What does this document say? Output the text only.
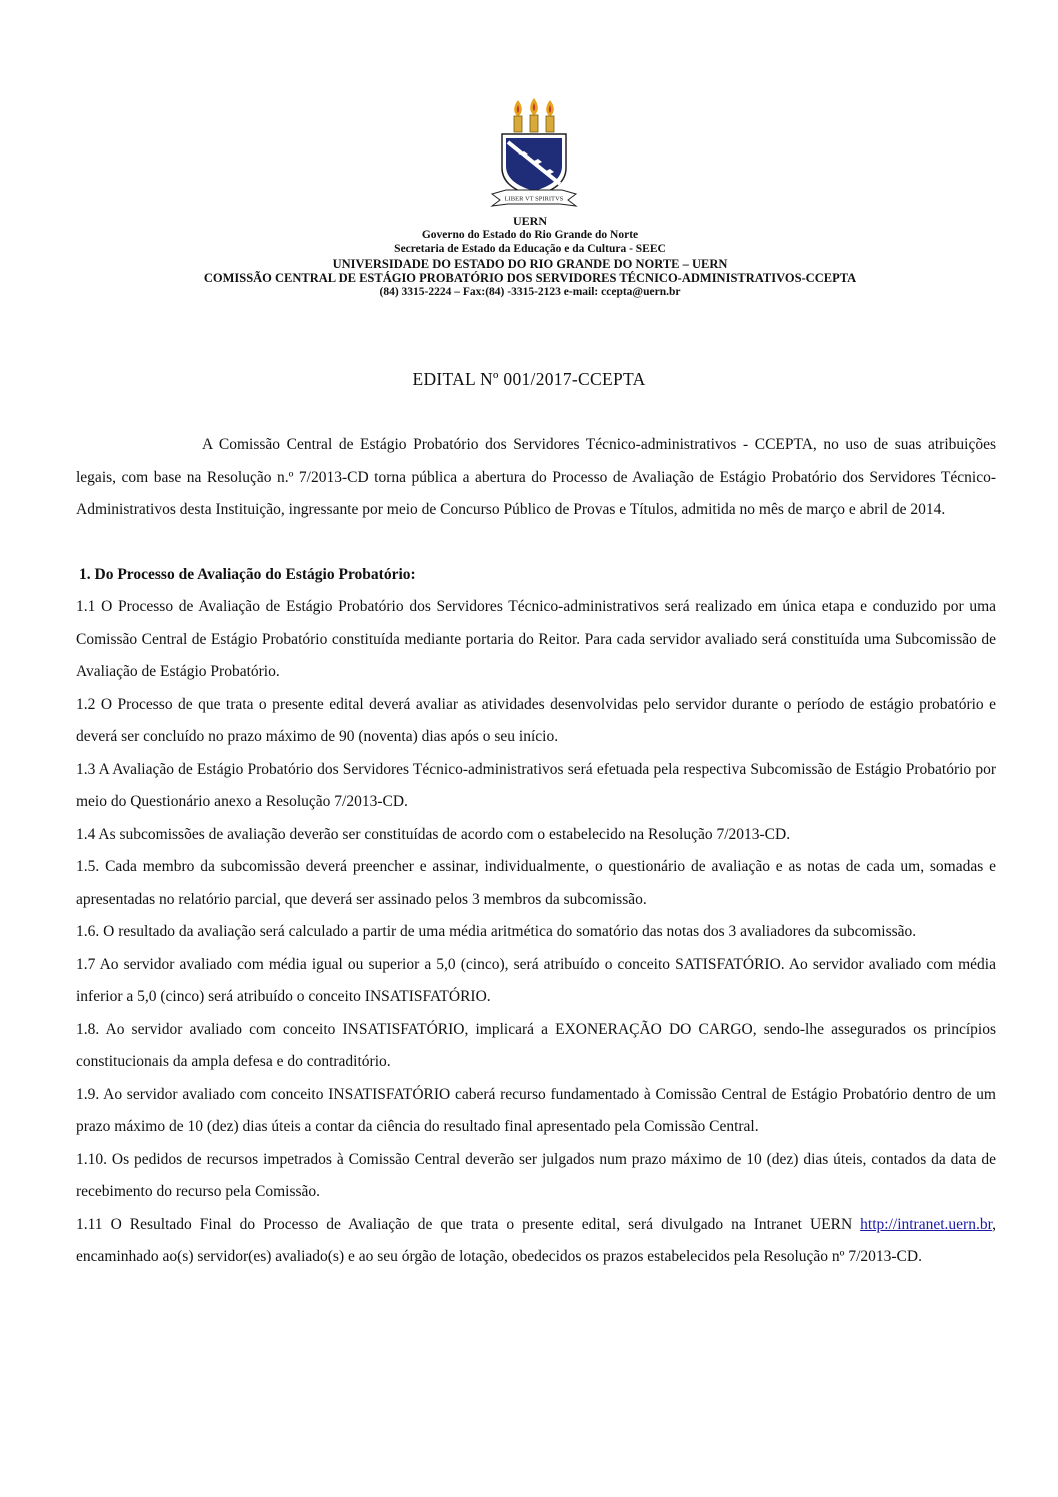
LIBER VT SPIRITVS
UERN
Governo do Estado do Rio Grande do Norte
Secretaria de Estado da Educação e da Cultura - SEEC
UNIVERSIDADE DO ESTADO DO RIO GRANDE DO NORTE – UERN
COMISSÃO CENTRAL DE ESTÁGIO PROBATÓRIO DOS SERVIDORES TÉCNICO-ADMINISTRATIVOS-CCEPTA
(84) 3315-2224 – Fax:(84) -3315-2123 e-mail: ccepta@uern.br
EDITAL Nº 001/2017-CCEPTA

A Comissão Central de Estágio Probatório dos Servidores Técnico-administrativos - CCEPTA, no uso de suas atribuições legais, com base na Resolução n.º 7/2013-CD torna pública a abertura do Processo de Avaliação de Estágio Probatório dos Servidores Técnico-Administrativos desta Instituição, ingressante por meio de Concurso Público de Provas e Títulos, admitida no mês de março e abril de 2014.

1. Do Processo de Avaliação do Estágio Probatório:

1.1 O Processo de Avaliação de Estágio Probatório dos Servidores Técnico-administrativos será realizado em única etapa e conduzido por uma Comissão Central de Estágio Probatório constituída mediante portaria do Reitor. Para cada servidor avaliado será constituída uma Subcomissão de Avaliação de Estágio Probatório.

1.2 O Processo de que trata o presente edital deverá avaliar as atividades desenvolvidas pelo servidor durante o período de estágio probatório e deverá ser concluído no prazo máximo de 90 (noventa) dias após o seu início.

1.3 A Avaliação de Estágio Probatório dos Servidores Técnico-administrativos será efetuada pela respectiva Subcomissão de Estágio Probatório por meio do Questionário anexo a Resolução 7/2013-CD.

1.4 As subcomissões de avaliação deverão ser constituídas de acordo com o estabelecido na Resolução 7/2013-CD.

1.5. Cada membro da subcomissão deverá preencher e assinar, individualmente, o questionário de avaliação e as notas de cada um, somadas e apresentadas no relatório parcial, que deverá ser assinado pelos 3 membros da subcomissão.

1.6. O resultado da avaliação será calculado a partir de uma média aritmética do somatório das notas dos 3 avaliadores da subcomissão.

1.7 Ao servidor avaliado com média igual ou superior a 5,0 (cinco), será atribuído o conceito SATISFATÓRIO. Ao servidor avaliado com média inferior a 5,0 (cinco) será atribuído o conceito INSATISFATÓRIO.

1.8. Ao servidor avaliado com conceito INSATISFATÓRIO, implicará a EXONERAÇÃO DO CARGO, sendo-lhe assegurados os princípios constitucionais da ampla defesa e do contraditório.

1.9. Ao servidor avaliado com conceito INSATISFATÓRIO caberá recurso fundamentado à Comissão Central de Estágio Probatório dentro de um prazo máximo de 10 (dez) dias úteis a contar da ciência do resultado final apresentado pela Comissão Central.

1.10. Os pedidos de recursos impetrados à Comissão Central deverão ser julgados num prazo máximo de 10 (dez) dias úteis, contados da data de recebimento do recurso pela Comissão.

1.11 O Resultado Final do Processo de Avaliação de que trata o presente edital, será divulgado na Intranet UERN http://intranet.uern.br, encaminhado ao(s) servidor(es) avaliado(s) e ao seu órgão de lotação, obedecidos os prazos estabelecidos pela Resolução nº 7/2013-CD.
